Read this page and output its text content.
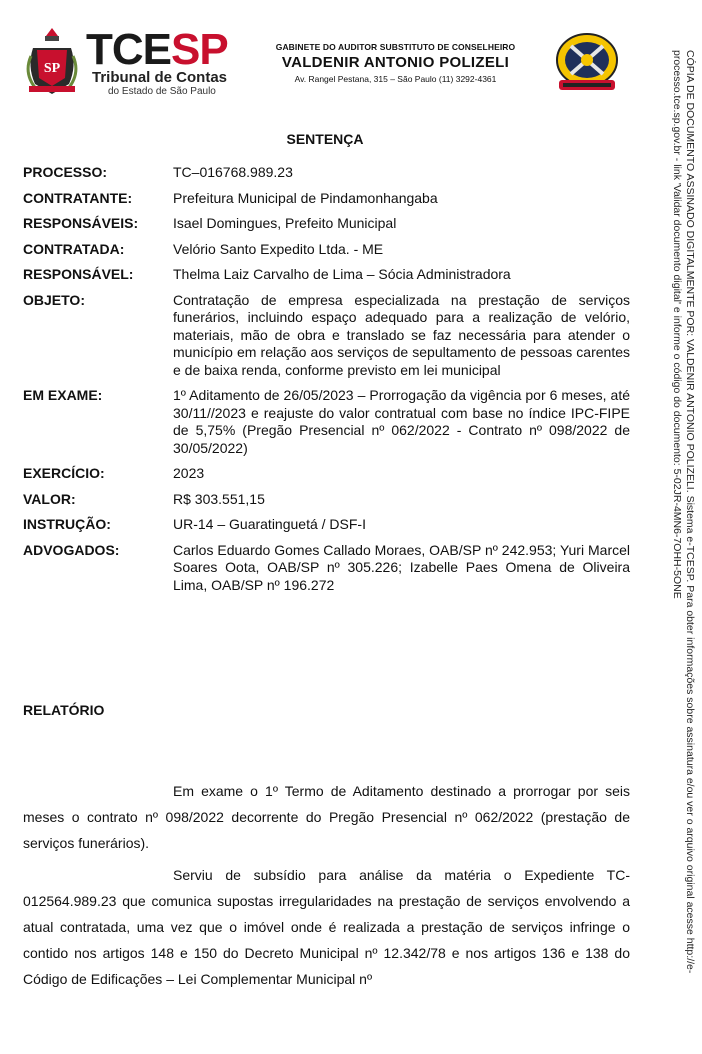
SP TCESP
Tribunal de Contas
do Estado de São Paulo
GABINETE DO AUDITOR SUBSTITUTO DE CONSELHEIRO
VALDENIR ANTONIO POLIZELI
Av. Rangel Pestana, 315 – São Paulo (11) 3292-4361	CÓPIA DE DOCUMENTO ASSINADO DIGITALMENTE POR: VALDENIR ANTONIO POLIZELI. Sistema e-TCESP. Para obter informações sobre assinatura e/ou ver o arquivo original acesse http://e-processo.tce.sp.gov.br - link 'Validar documento digital' e informe o código do documento: 5-02JR-4MN6-7OHH-5ONE
SENTENÇA
PROCESSO:	TC–016768.989.23
CONTRATANTE:	Prefeitura Municipal de Pindamonhangaba
RESPONSÁVEIS:	Isael Domingues, Prefeito Municipal
CONTRATADA:	Velório Santo Expedito Ltda. - ME
RESPONSÁVEL:	Thelma Laiz Carvalho de Lima – Sócia Administradora
OBJETO:	Contratação de empresa especializada na prestação de serviços funerários, incluindo espaço adequado para a realização de velório, materiais, mão de obra e translado se faz necessária para atender o município em relação aos serviços de sepultamento de pessoas carentes e de baixa renda, conforme previsto em lei municipal
EM EXAME:	1º Aditamento de 26/05/2023 – Prorrogação da vigência por 6 meses, até 30/11//2023 e reajuste do valor contratual com base no índice IPC-FIPE de 5,75% (Pregão Presencial nº 062/2022 - Contrato nº 098/2022 de 30/05/2022)
EXERCÍCIO:	2023
VALOR:	R$ 303.551,15
INSTRUÇÃO:	UR-14 – Guaratinguetá / DSF-I
ADVOGADOS:	Carlos Eduardo Gomes Callado Moraes, OAB/SP nº 242.953; Yuri Marcel Soares Oota, OAB/SP nº 305.226; Izabelle Paes Omena de Oliveira Lima, OAB/SP nº 196.272
RELATÓRIO

Em exame o 1º Termo de Aditamento destinado a prorrogar por seis meses o contrato nº 098/2022 decorrente do Pregão Presencial nº 062/2022 (prestação de serviços funerários).

Serviu de subsídio para análise da matéria o Expediente TC-012564.989.23 que comunica supostas irregularidades na prestação de serviços envolvendo a atual contratada, uma vez que o imóvel onde é realizada a prestação de serviços infringe o contido nos artigos 148 e 150 do Decreto Municipal nº 12.342/78 e nos artigos 136 e 138 do Código de Edificações – Lei Complementar Municipal nº
